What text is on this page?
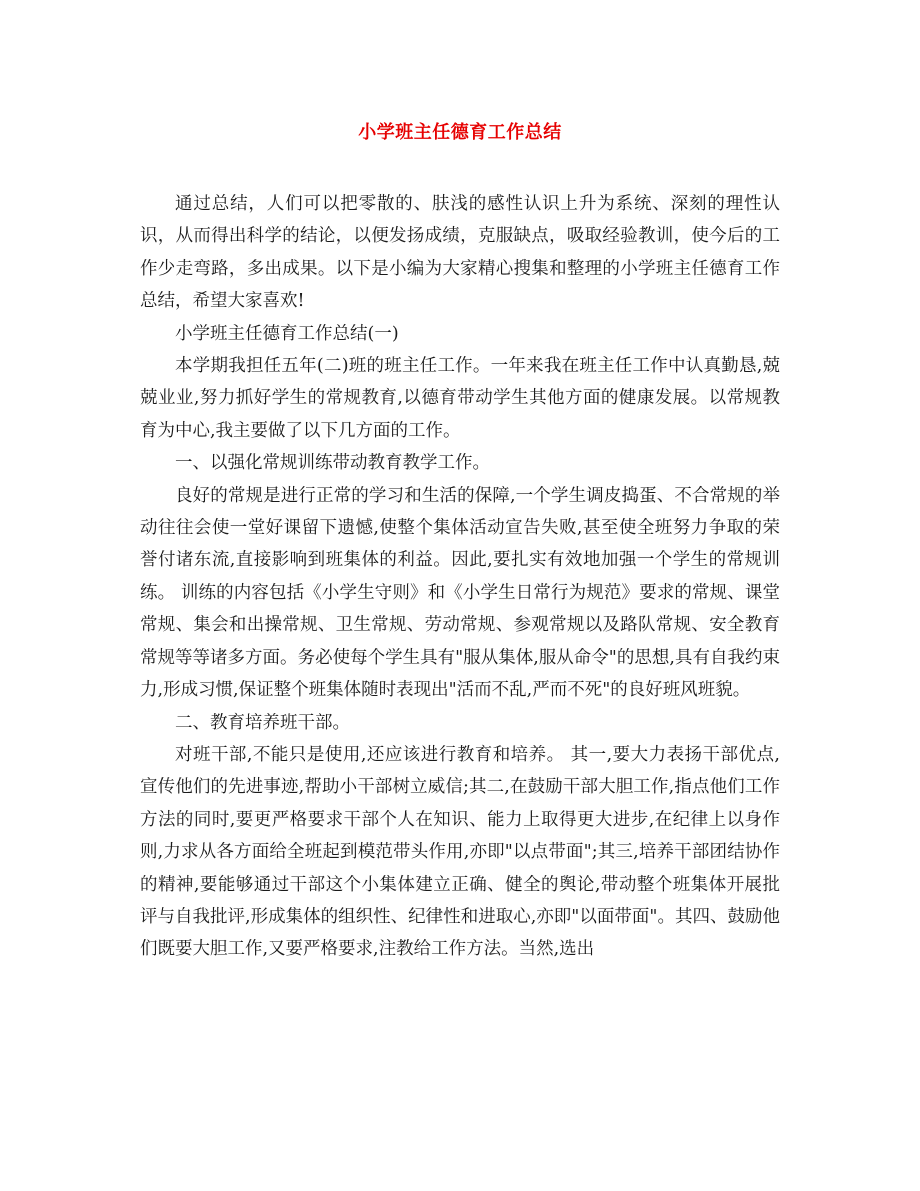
小学班主任德育工作总结

通过总结，人们可以把零散的、肤浅的感性认识上升为系统、深刻的理性认识，从而得出科学的结论，以便发扬成绩，克服缺点，吸取经验教训，使今后的工作少走弯路，多出成果。以下是小编为大家精心搜集和整理的小学班主任德育工作总结，希望大家喜欢!

小学班主任德育工作总结(一)

本学期我担任五年(二)班的班主任工作。一年来我在班主任工作中认真勤恳,兢兢业业,努力抓好学生的常规教育,以德育带动学生其他方面的健康发展。以常规教育为中心,我主要做了以下几方面的工作。

一、以强化常规训练带动教育教学工作。

良好的常规是进行正常的学习和生活的保障,一个学生调皮捣蛋、不合常规的举动往往会使一堂好课留下遗憾,使整个集体活动宣告失败,甚至使全班努力争取的荣誉付诸东流,直接影响到班集体的利益。因此,要扎实有效地加强一个学生的常规训练。 训练的内容包括《小学生守则》和《小学生日常行为规范》要求的常规、课堂常规、集会和出操常规、卫生常规、劳动常规、参观常规以及路队常规、安全教育常规等等诸多方面。务必使每个学生具有"服从集体,服从命令"的思想,具有自我约束力,形成习惯,保证整个班集体随时表现出"活而不乱,严而不死"的良好班风班貌。

二、教育培养班干部。

对班干部,不能只是使用,还应该进行教育和培养。 其一,要大力表扬干部优点,宣传他们的先进事迹,帮助小干部树立威信;其二,在鼓励干部大胆工作,指点他们工作方法的同时,要更严格要求干部个人在知识、能力上取得更大进步,在纪律上以身作则,力求从各方面给全班起到模范带头作用,亦即"以点带面";其三,培养干部团结协作的精神,要能够通过干部这个小集体建立正确、健全的舆论,带动整个班集体开展批评与自我批评,形成集体的组织性、纪律性和进取心,亦即"以面带面"。其四、鼓励他们既要大胆工作,又要严格要求,注教给工作方法。当然,选出
